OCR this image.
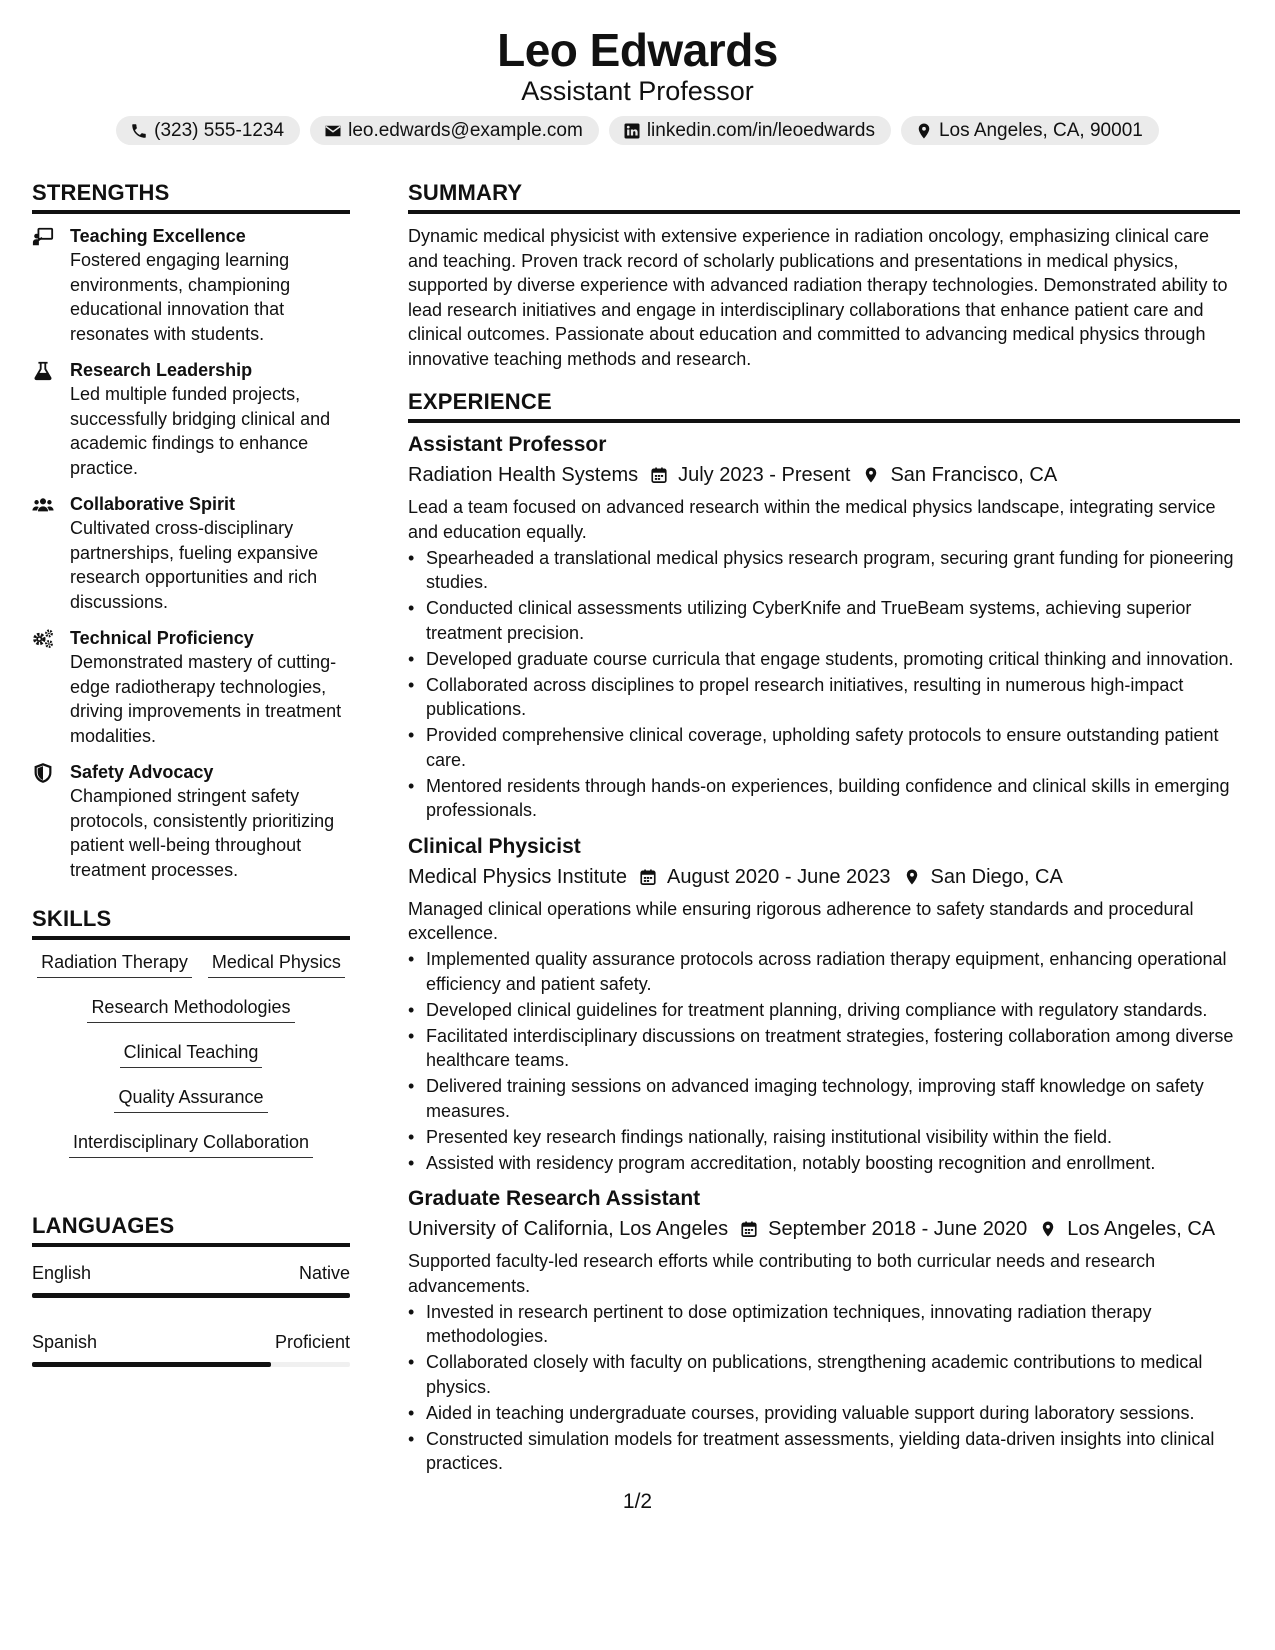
Leo Edwards
Assistant Professor
(323) 555-1234	leo.edwards@example.com	linkedin.com/in/leoedwards	Los Angeles, CA, 90001
STRENGTHS
Teaching Excellence
Fostered engaging learning environments, championing educational innovation that resonates with students.
Research Leadership
Led multiple funded projects, successfully bridging clinical and academic findings to enhance practice.
Collaborative Spirit
Cultivated cross-disciplinary partnerships, fueling expansive research opportunities and rich discussions.
Technical Proficiency
Demonstrated mastery of cutting-edge radiotherapy technologies, driving improvements in treatment modalities.
Safety Advocacy
Championed stringent safety protocols, consistently prioritizing patient well-being throughout treatment processes.
SKILLS
Radiation Therapy Medical Physics
Research Methodologies
Clinical Teaching
Quality Assurance
Interdisciplinary Collaboration
LANGUAGES
English	Native
Spanish	Proficient
SUMMARY
Dynamic medical physicist with extensive experience in radiation oncology, emphasizing clinical care and teaching. Proven track record of scholarly publications and presentations in medical physics, supported by diverse experience with advanced radiation therapy technologies. Demonstrated ability to lead research initiatives and engage in interdisciplinary collaborations that enhance patient care and clinical outcomes. Passionate about education and committed to advancing medical physics through innovative teaching methods and research.
EXPERIENCE
Assistant Professor
Radiation Health Systems July 2023 - Present San Francisco, CA
Lead a team focused on advanced research within the medical physics landscape, integrating service and education equally.
• Spearheaded a translational medical physics research program, securing grant funding for pioneering studies.
• Conducted clinical assessments utilizing CyberKnife and TrueBeam systems, achieving superior treatment precision.
• Developed graduate course curricula that engage students, promoting critical thinking and innovation.
• Collaborated across disciplines to propel research initiatives, resulting in numerous high-impact publications.
• Provided comprehensive clinical coverage, upholding safety protocols to ensure outstanding patient care.
• Mentored residents through hands-on experiences, building confidence and clinical skills in emerging professionals.
Clinical Physicist
Medical Physics Institute August 2020 - June 2023 San Diego, CA
Managed clinical operations while ensuring rigorous adherence to safety standards and procedural excellence.
• Implemented quality assurance protocols across radiation therapy equipment, enhancing operational efficiency and patient safety.
• Developed clinical guidelines for treatment planning, driving compliance with regulatory standards.
• Facilitated interdisciplinary discussions on treatment strategies, fostering collaboration among diverse healthcare teams.
• Delivered training sessions on advanced imaging technology, improving staff knowledge on safety measures.
• Presented key research findings nationally, raising institutional visibility within the field.
• Assisted with residency program accreditation, notably boosting recognition and enrollment.
Graduate Research Assistant
University of California, Los Angeles September 2018 - June 2020 Los Angeles, CA
Supported faculty-led research efforts while contributing to both curricular needs and research advancements.
• Invested in research pertinent to dose optimization techniques, innovating radiation therapy methodologies.
• Collaborated closely with faculty on publications, strengthening academic contributions to medical physics.
• Aided in teaching undergraduate courses, providing valuable support during laboratory sessions.
• Constructed simulation models for treatment assessments, yielding data-driven insights into clinical practices.
1/2
